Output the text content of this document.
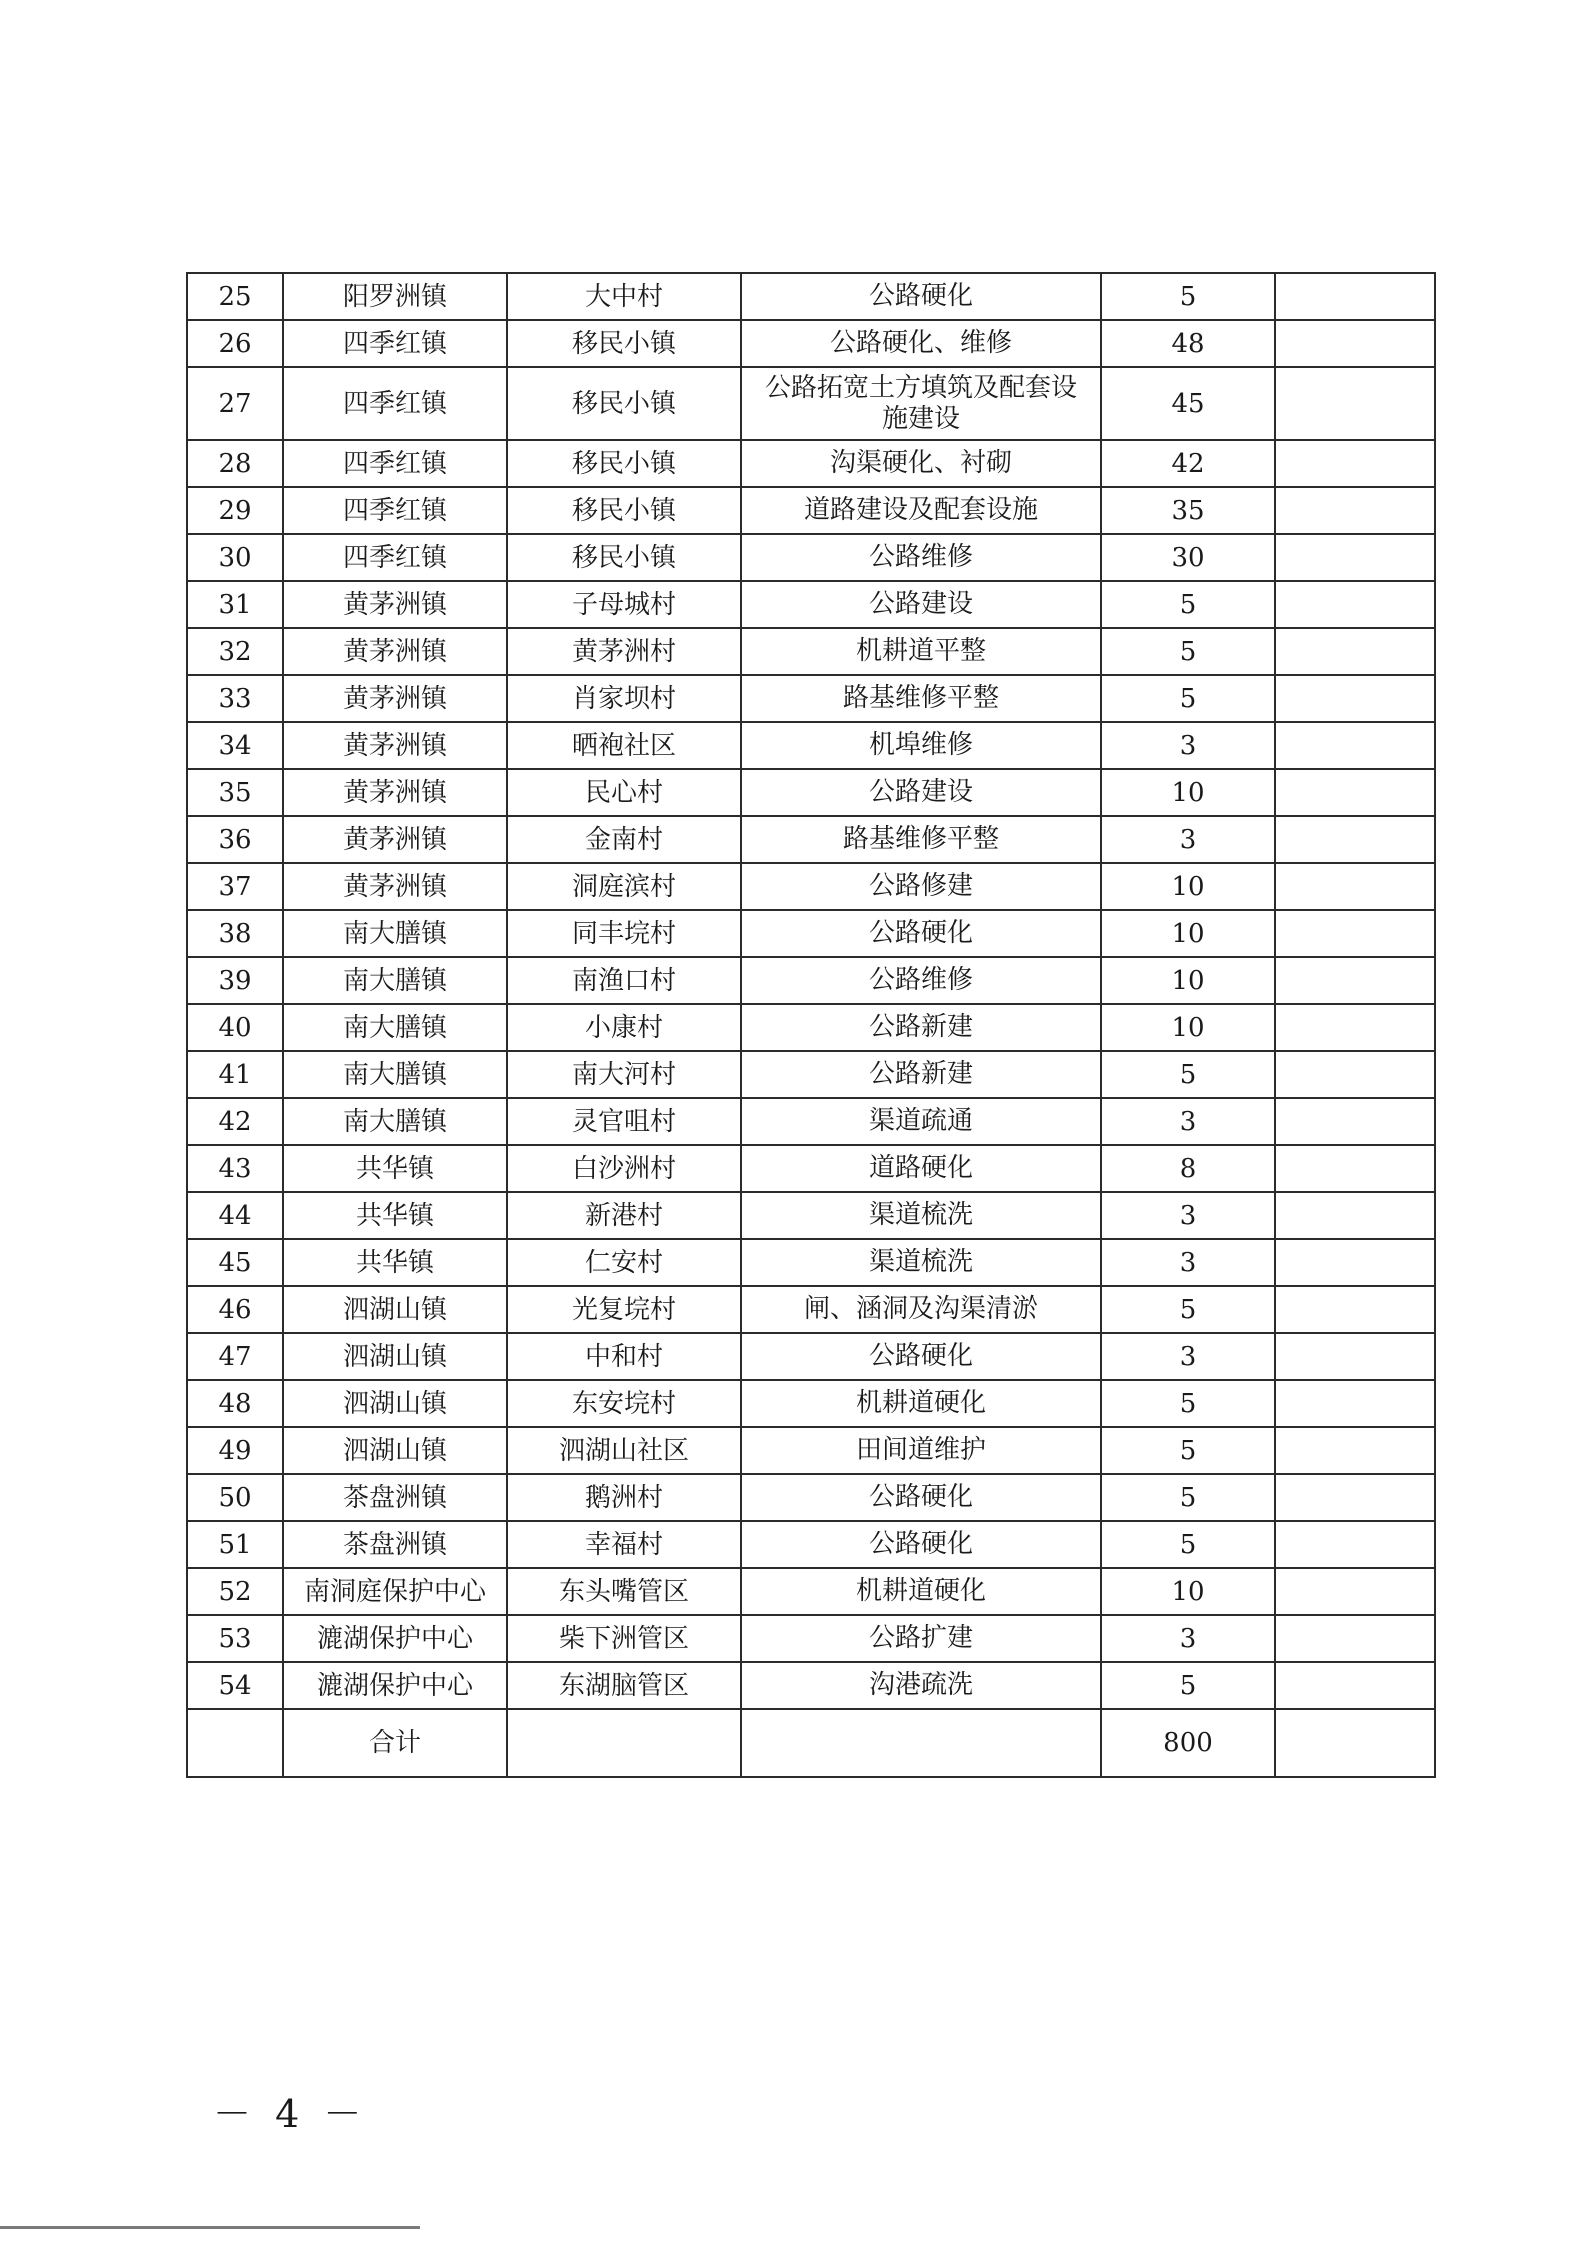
25	阳罗洲镇	大中村	公路硬化	5	
26	四季红镇	移民小镇	公路硬化、维修	48	
27	四季红镇	移民小镇	公路拓宽土方填筑及配套设施建设	45	
28	四季红镇	移民小镇	沟渠硬化、衬砌	42	
29	四季红镇	移民小镇	道路建设及配套设施	35	
30	四季红镇	移民小镇	公路维修	30	
31	黄茅洲镇	子母城村	公路建设	5	
32	黄茅洲镇	黄茅洲村	机耕道平整	5	
33	黄茅洲镇	肖家坝村	路基维修平整	5	
34	黄茅洲镇	晒袍社区	机埠维修	3	
35	黄茅洲镇	民心村	公路建设	10	
36	黄茅洲镇	金南村	路基维修平整	3	
37	黄茅洲镇	洞庭滨村	公路修建	10	
38	南大膳镇	同丰垸村	公路硬化	10	
39	南大膳镇	南渔口村	公路维修	10	
40	南大膳镇	小康村	公路新建	10	
41	南大膳镇	南大河村	公路新建	5	
42	南大膳镇	灵官咀村	渠道疏通	3	
43	共华镇	白沙洲村	道路硬化	8	
44	共华镇	新港村	渠道梳洗	3	
45	共华镇	仁安村	渠道梳洗	3	
46	泗湖山镇	光复垸村	闸、涵洞及沟渠清淤	5	
47	泗湖山镇	中和村	公路硬化	3	
48	泗湖山镇	东安垸村	机耕道硬化	5	
49	泗湖山镇	泗湖山社区	田间道维护	5	
50	茶盘洲镇	鹅洲村	公路硬化	5	
51	茶盘洲镇	幸福村	公路硬化	5	
52	南洞庭保护中心	东头嘴管区	机耕道硬化	10	
53	漉湖保护中心	柴下洲管区	公路扩建	3	
54	漉湖保护中心	东湖脑管区	沟港疏洗	5	
	合计			800	
－ 4 －
